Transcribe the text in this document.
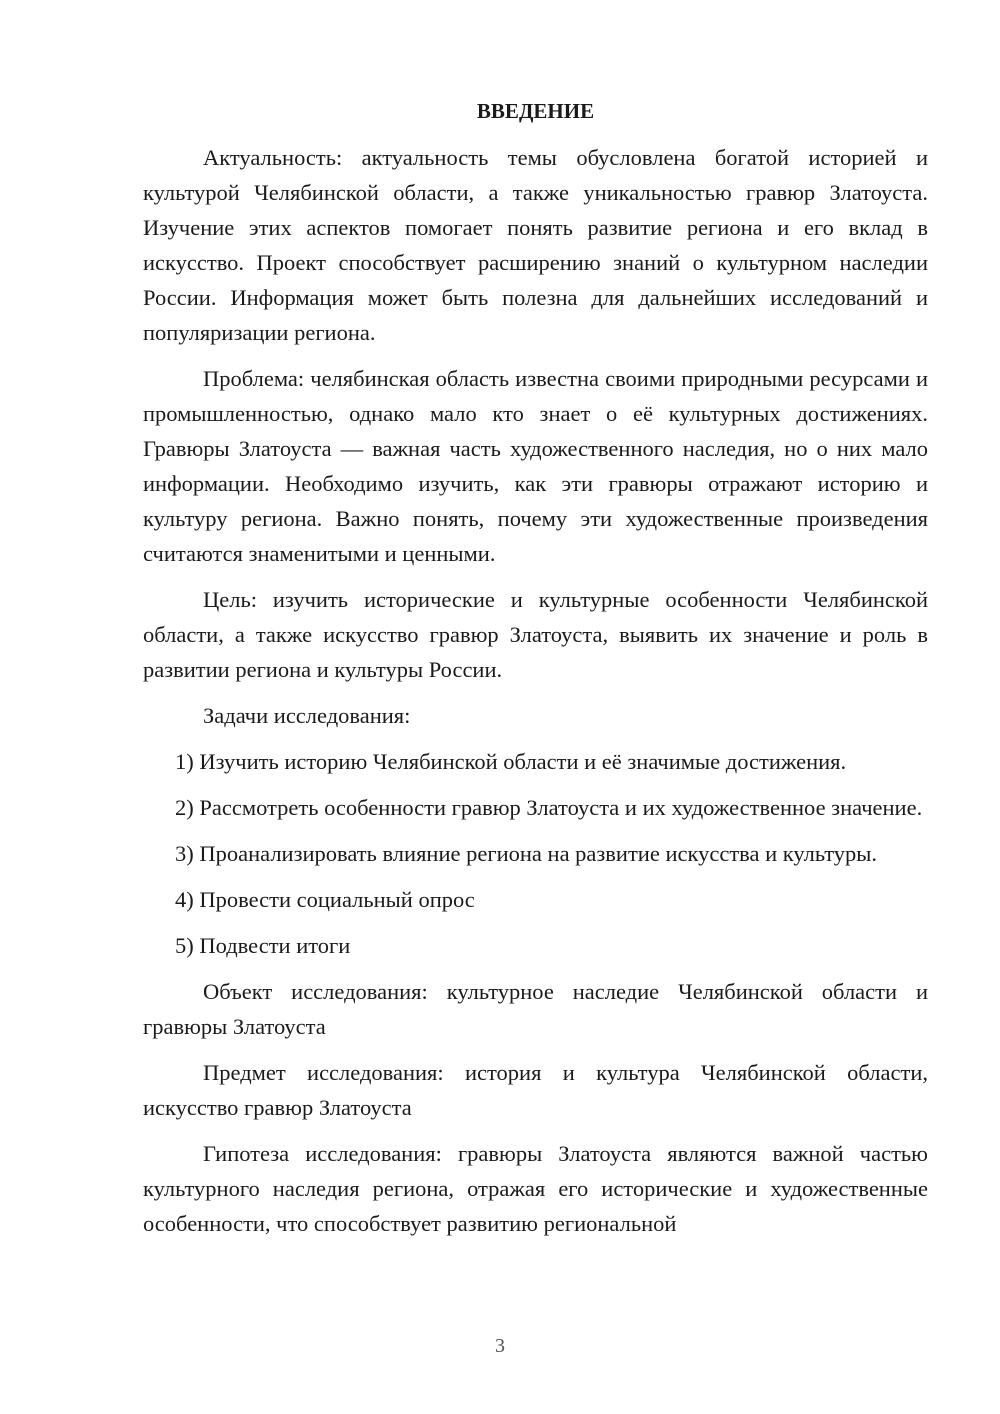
ВВЕДЕНИЕ

Актуальность: актуальность темы обусловлена богатой историей и культурой Челябинской области, а также уникальностью гравюр Златоуста. Изучение этих аспектов помогает понять развитие региона и его вклад в искусство. Проект способствует расширению знаний о культурном наследии России. Информация может быть полезна для дальнейших исследований и популяризации региона.

Проблема: челябинская область известна своими природными ресурсами и промышленностью, однако мало кто знает о её культурных достижениях. Гравюры Златоуста — важная часть художественного наследия, но о них мало информации. Необходимо изучить, как эти гравюры отражают историю и культуру региона. Важно понять, почему эти художественные произведения считаются знаменитыми и ценными.

Цель: изучить исторические и культурные особенности Челябинской области, а также искусство гравюр Златоуста, выявить их значение и роль в развитии региона и культуры России.

Задачи исследования:

1) Изучить историю Челябинской области и её значимые достижения.

2) Рассмотреть особенности гравюр Златоуста и их художественное значение.

3) Проанализировать влияние региона на развитие искусства и культуры.

4) Провести социальный опрос

5) Подвести итоги

Объект исследования: культурное наследие Челябинской области и гравюры Златоуста

Предмет исследования: история и культура Челябинской области, искусство гравюр Златоуста

Гипотеза исследования: гравюры Златоуста являются важной частью культурного наследия региона, отражая его исторические и художественные особенности, что способствует развитию региональной

3
